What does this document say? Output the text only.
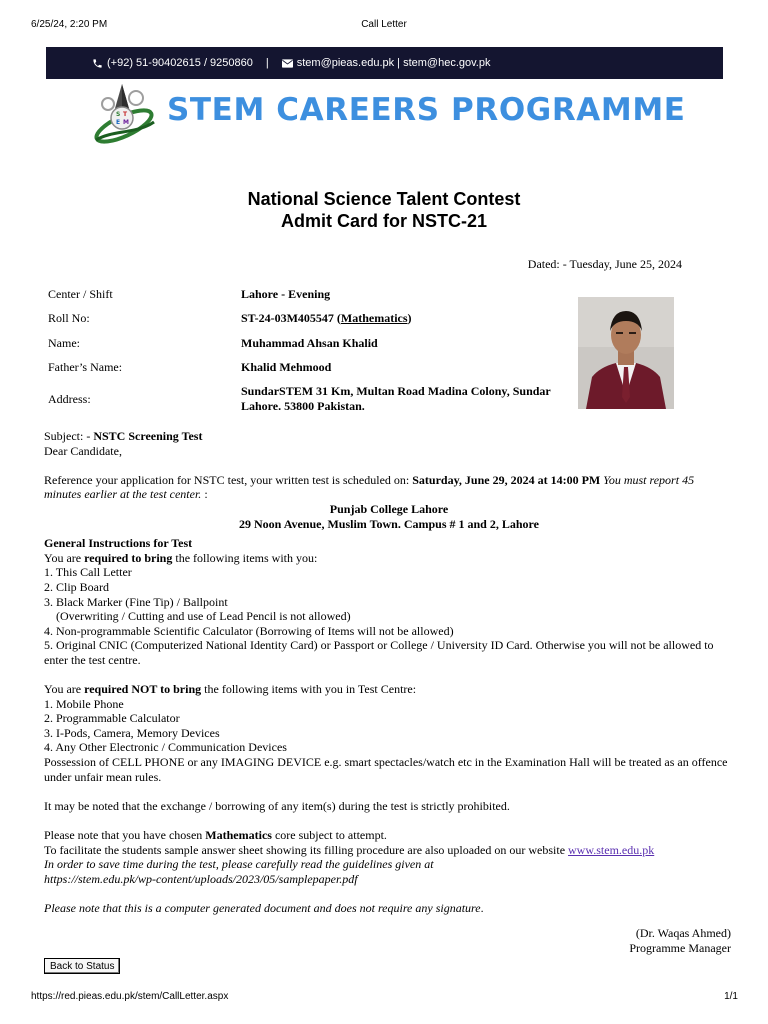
6/25/24, 2:20 PM	Call Letter
(+92) 51-90402615 / 9250860 |	stem@pieas.edu.pk | stem@hec.gov.pk
S T
E M STEM CAREERS PROGRAMME
National Science Talent Contest
Admit Card for NSTC-21
Dated: - Tuesday, June 25, 2024
Center / Shift	Lahore - Evening
Roll No:	ST-24-03M405547 (Mathematics)
Name:	Muhammad Ahsan Khalid
Father’s Name:	Khalid Mehmood
Address:	SundarSTEM 31 Km, Multan Road Madina Colony, Sundar Lahore. 53800 Pakistan.

Subject: - NSTC Screening Test

Dear Candidate,

Reference your application for NSTC test, your written test is scheduled on: Saturday, June 29, 2024 at 14:00 PM You must report 45 minutes earlier at the test center. :

Punjab College Lahore

29 Noon Avenue, Muslim Town. Campus # 1 and 2, Lahore

General Instructions for Test

You are required to bring the following items with you:

1. This Call Letter

2. Clip Board

3. Black Marker (Fine Tip) / Ballpoint

(Overwriting / Cutting and use of Lead Pencil is not allowed)

4. Non-programmable Scientific Calculator (Borrowing of Items will not be allowed)

5. Original CNIC (Computerized National Identity Card) or Passport or College / University ID Card. Otherwise you will not be allowed to enter the test centre.

You are required NOT to bring the following items with you in Test Centre:

1. Mobile Phone

2. Programmable Calculator

3. I-Pods, Camera, Memory Devices

4. Any Other Electronic / Communication Devices

Possession of CELL PHONE or any IMAGING DEVICE e.g. smart spectacles/watch etc in the Examination Hall will be treated as an offence under unfair mean rules.

It may be noted that the exchange / borrowing of any item(s) during the test is strictly prohibited.

Please note that you have chosen Mathematics core subject to attempt.

To facilitate the students sample answer sheet showing its filling procedure are also uploaded on our website www.stem.edu.pk

In order to save time during the test, please carefully read the guidelines given at

https://stem.edu.pk/wp-content/uploads/2023/05/samplepaper.pdf

Please note that this is a computer generated document and does not require any signature.

(Dr. Waqas Ahmed)
Programme Manager
Back to Status
https://red.pieas.edu.pk/stem/CallLetter.aspx	1/1
